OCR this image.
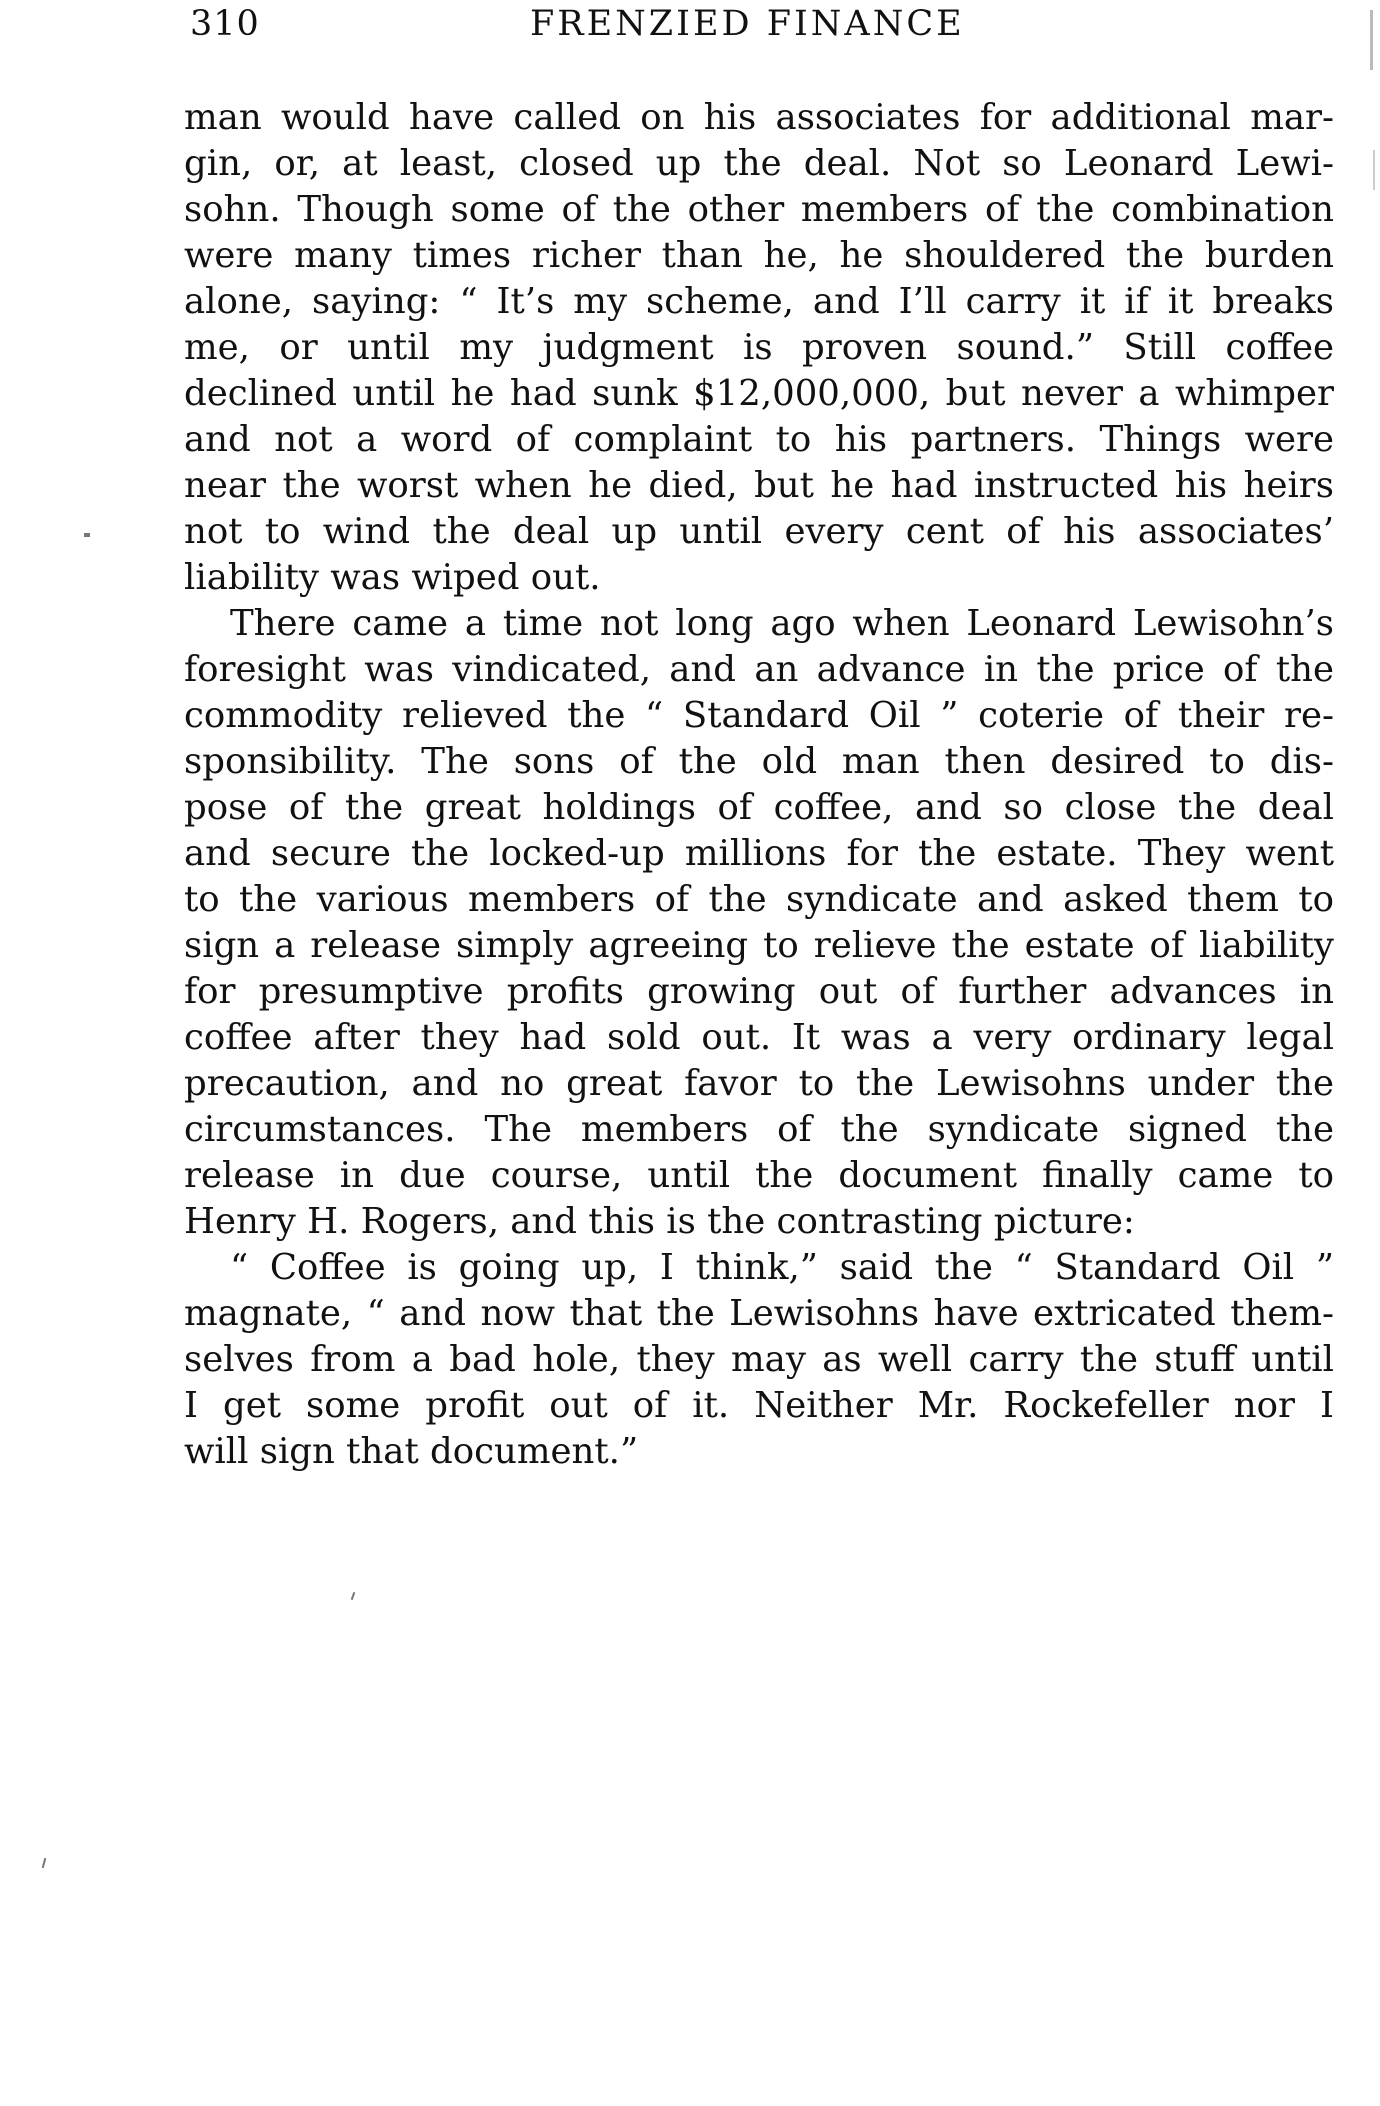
310	FRENZIED FINANCE
man would have called on his associates for additional mar-
gin, or, at least, closed up the deal. Not so Leonard Lewi-
sohn. Though some of the other members of the combination
were many times richer than he, he shouldered the burden
alone, saying: “ It’s my scheme, and I’ll carry it if it breaks
me, or until my judgment is proven sound.” Still coffee
declined until he had sunk $12,000,000, but never a whimper
and not a word of complaint to his partners. Things were
near the worst when he died, but he had instructed his heirs
not to wind the deal up until every cent of his associates’
liability was wiped out.
There came a time not long ago when Leonard Lewisohn’s
foresight was vindicated, and an advance in the price of the
commodity relieved the “ Standard Oil ” coterie of their re-
sponsibility. The sons of the old man then desired to dis-
pose of the great holdings of coffee, and so close the deal
and secure the locked-up millions for the estate. They went
to the various members of the syndicate and asked them to
sign a release simply agreeing to relieve the estate of liability
for presumptive profits growing out of further advances in
coffee after they had sold out. It was a very ordinary legal
precaution, and no great favor to the Lewisohns under the
circumstances. The members of the syndicate signed the
release in due course, until the document finally came to
Henry H. Rogers, and this is the contrasting picture:
“ Coffee is going up, I think,” said the “ Standard Oil ”
magnate, “ and now that the Lewisohns have extricated them-
selves from a bad hole, they may as well carry the stuff until
I get some profit out of it. Neither Mr. Rockefeller nor I
will sign that document.”
